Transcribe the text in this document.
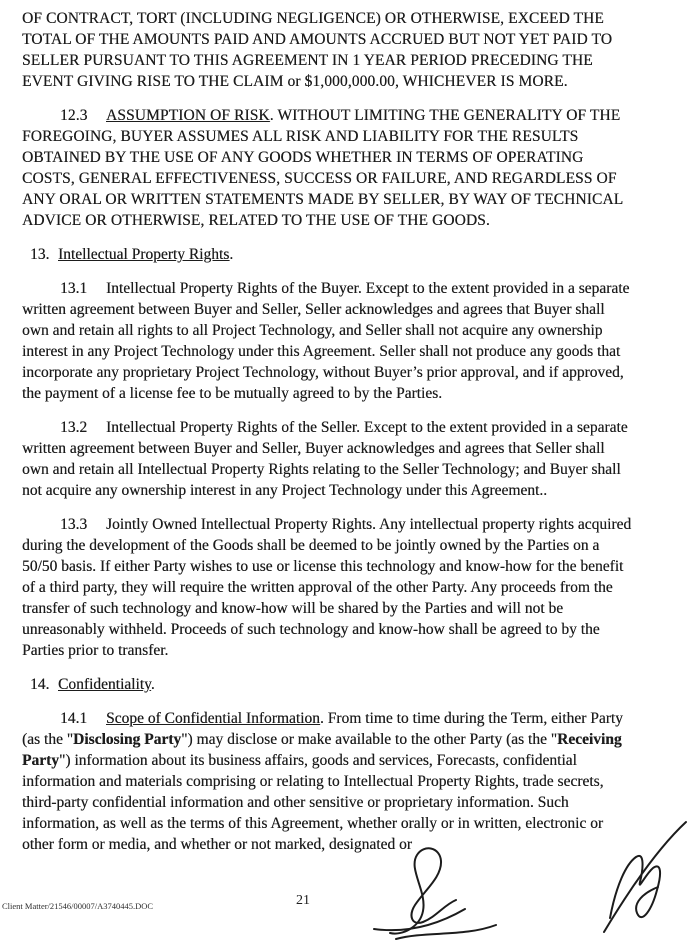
OF CONTRACT, TORT (INCLUDING NEGLIGENCE) OR OTHERWISE, EXCEED THE TOTAL OF THE AMOUNTS PAID AND AMOUNTS ACCRUED BUT NOT YET PAID TO SELLER PURSUANT TO THIS AGREEMENT IN 1 YEAR PERIOD PRECEDING THE EVENT GIVING RISE TO THE CLAIM or $1,000,000.00, WHICHEVER IS MORE.

12.3 ASSUMPTION OF RISK. WITHOUT LIMITING THE GENERALITY OF THE FOREGOING, BUYER ASSUMES ALL RISK AND LIABILITY FOR THE RESULTS OBTAINED BY THE USE OF ANY GOODS WHETHER IN TERMS OF OPERATING COSTS, GENERAL EFFECTIVENESS, SUCCESS OR FAILURE, AND REGARDLESS OF ANY ORAL OR WRITTEN STATEMENTS MADE BY SELLER, BY WAY OF TECHNICAL ADVICE OR OTHERWISE, RELATED TO THE USE OF THE GOODS.

13. Intellectual Property Rights.

13.1 Intellectual Property Rights of the Buyer. Except to the extent provided in a separate written agreement between Buyer and Seller, Seller acknowledges and agrees that Buyer shall own and retain all rights to all Project Technology, and Seller shall not acquire any ownership interest in any Project Technology under this Agreement. Seller shall not produce any goods that incorporate any proprietary Project Technology, without Buyer’s prior approval, and if approved, the payment of a license fee to be mutually agreed to by the Parties.

13.2 Intellectual Property Rights of the Seller. Except to the extent provided in a separate written agreement between Buyer and Seller, Buyer acknowledges and agrees that Seller shall own and retain all Intellectual Property Rights relating to the Seller Technology; and Buyer shall not acquire any ownership interest in any Project Technology under this Agreement..

13.3 Jointly Owned Intellectual Property Rights. Any intellectual property rights acquired during the development of the Goods shall be deemed to be jointly owned by the Parties on a 50/50 basis. If either Party wishes to use or license this technology and know-how for the benefit of a third party, they will require the written approval of the other Party. Any proceeds from the transfer of such technology and know-how will be shared by the Parties and will not be unreasonably withheld. Proceeds of such technology and know-how shall be agreed to by the Parties prior to transfer.

14. Confidentiality.

14.1 Scope of Confidential Information. From time to time during the Term, either Party (as the "Disclosing Party") may disclose or make available to the other Party (as the "Receiving Party") information about its business affairs, goods and services, Forecasts, confidential information and materials comprising or relating to Intellectual Property Rights, trade secrets, third-party confidential information and other sensitive or proprietary information. Such information, as well as the terms of this Agreement, whether orally or in written, electronic or other form or media, and whether or not marked, designated or

Client Matter/21546/00007/A3740445.DOC	21
